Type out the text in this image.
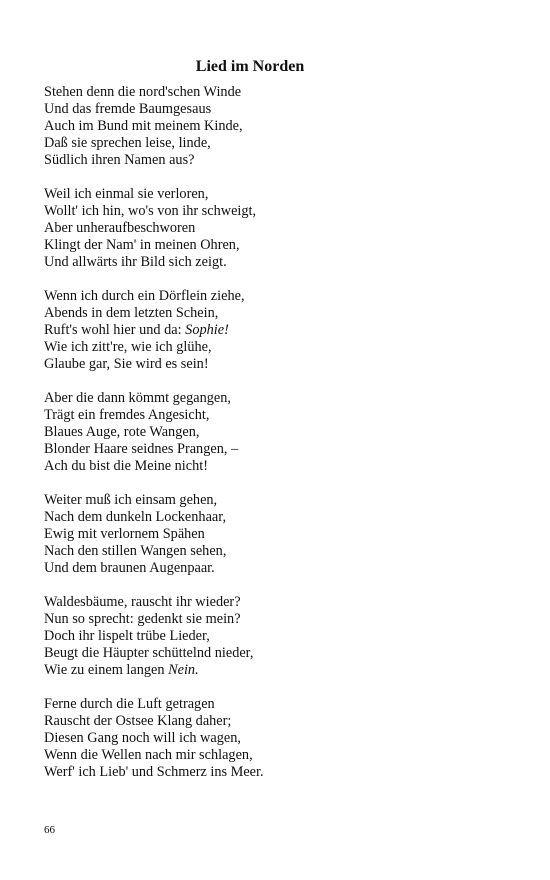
Lied im Norden
Stehen denn die nord'schen Winde
Und das fremde Baumgesaus
Auch im Bund mit meinem Kinde,
Daß sie sprechen leise, linde,
Südlich ihren Namen aus?
Weil ich einmal sie verloren,
Wollt' ich hin, wo's von ihr schweigt,
Aber unheraufbeschworen
Klingt der Nam' in meinen Ohren,
Und allwärts ihr Bild sich zeigt.
Wenn ich durch ein Dörflein ziehe,
Abends in dem letzten Schein,
Ruft's wohl hier und da: Sophie!
Wie ich zitt're, wie ich glühe,
Glaube gar, Sie wird es sein!
Aber die dann kömmt gegangen,
Trägt ein fremdes Angesicht,
Blaues Auge, rote Wangen,
Blonder Haare seidnes Prangen, –
Ach du bist die Meine nicht!
Weiter muß ich einsam gehen,
Nach dem dunkeln Lockenhaar,
Ewig mit verlornem Spähen
Nach den stillen Wangen sehen,
Und dem braunen Augenpaar.
Waldesbäume, rauscht ihr wieder?
Nun so sprecht: gedenkt sie mein?
Doch ihr lispelt trübe Lieder,
Beugt die Häupter schüttelnd nieder,
Wie zu einem langen Nein.
Ferne durch die Luft getragen
Rauscht der Ostsee Klang daher;
Diesen Gang noch will ich wagen,
Wenn die Wellen nach mir schlagen,
Werf' ich Lieb' und Schmerz ins Meer.
66
